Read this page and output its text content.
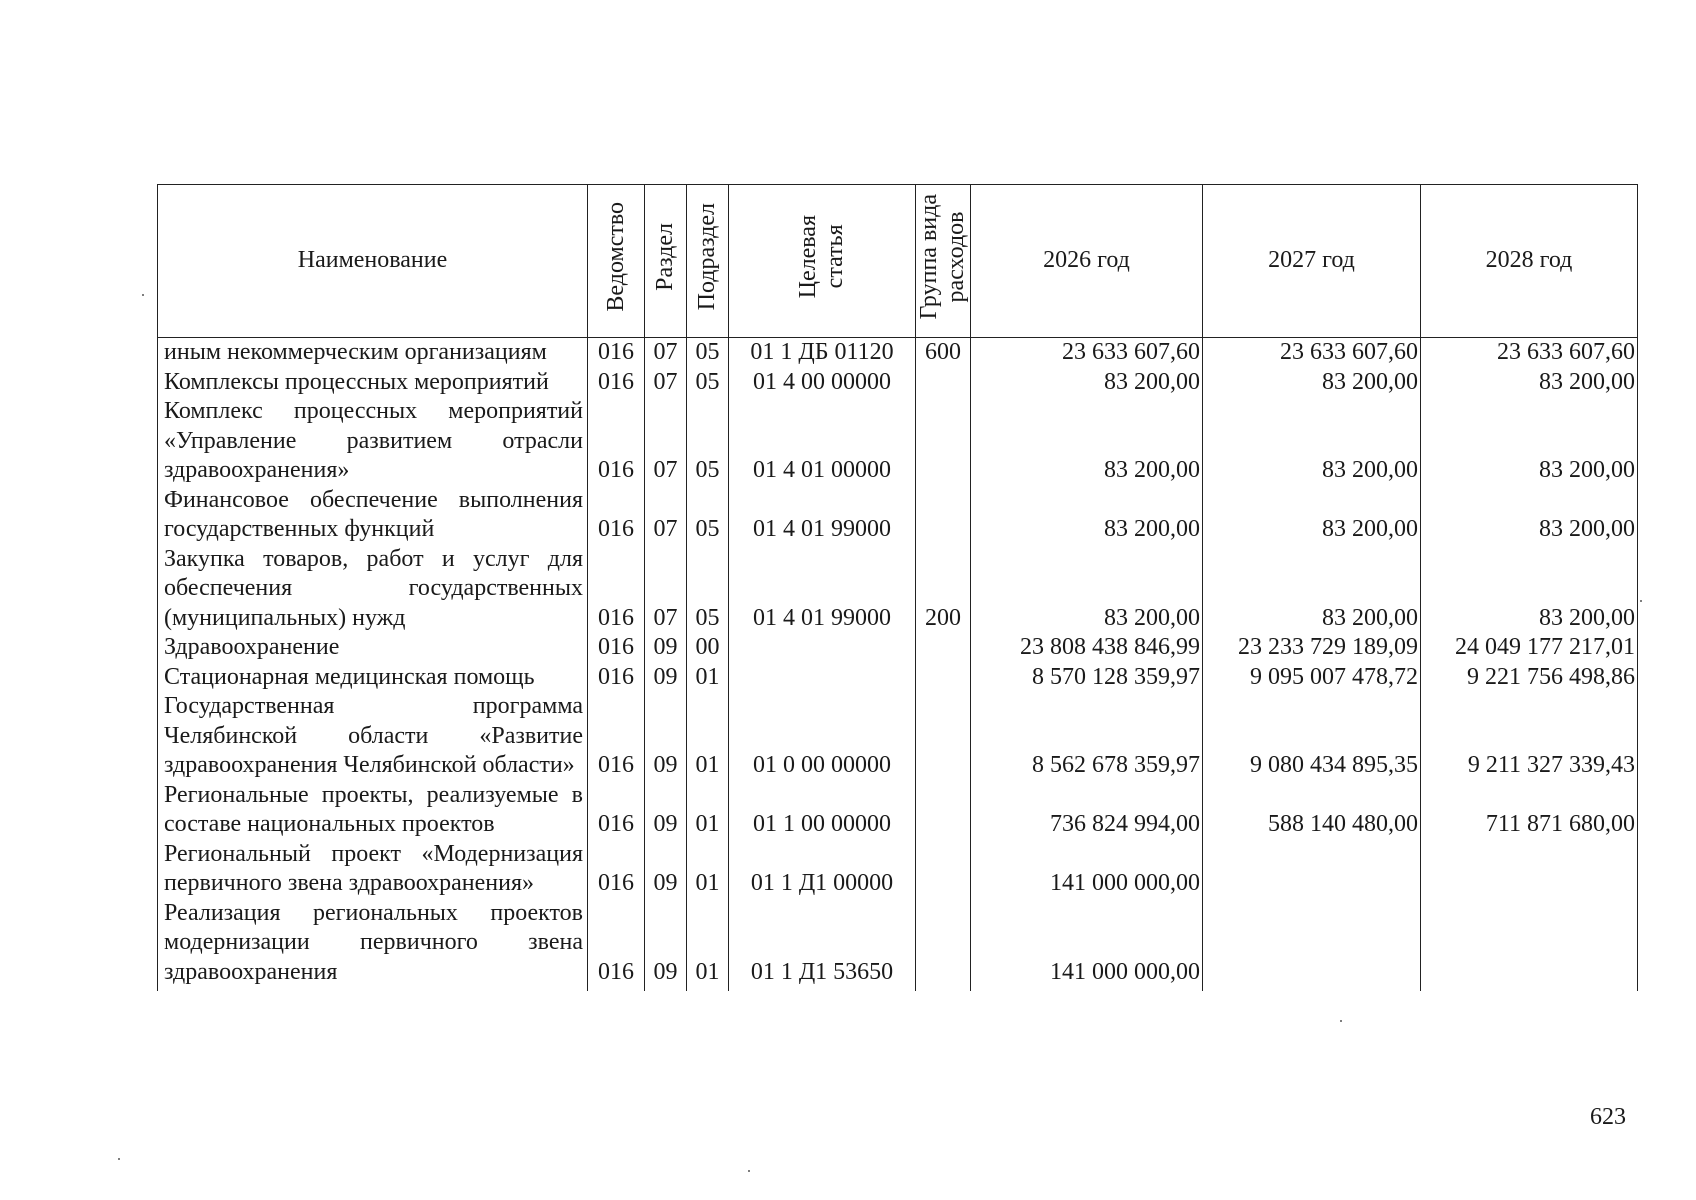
Наименование	Ведомство	Раздел	Подраздел	Целевая
статья	Группа вида
расходов	2026 год	2027 год	2028 год
иным некоммерческим организациям	016	07	05	01 1 ДБ 01120	600	23 633 607,60	23 633 607,60	23 633 607,60
Комплексы процессных мероприятий	016	07	05	01 4 00 00000		83 200,00	83 200,00	83 200,00
Комплекс процессных мероприятий «Управление развитием отрасли здравоохранения»	016	07	05	01 4 01 00000		83 200,00	83 200,00	83 200,00
Финансовое обеспечение выполнения государственных функций	016	07	05	01 4 01 99000		83 200,00	83 200,00	83 200,00
Закупка товаров, работ и услуг для обеспечения государственных (муниципальных) нужд	016	07	05	01 4 01 99000	200	83 200,00	83 200,00	83 200,00
Здравоохранение	016	09	00			23 808 438 846,99	23 233 729 189,09	24 049 177 217,01
Стационарная медицинская помощь	016	09	01			8 570 128 359,97	9 095 007 478,72	9 221 756 498,86
Государственная программа Челябинской области «Развитие здравоохранения Челябинской области»	016	09	01	01 0 00 00000		8 562 678 359,97	9 080 434 895,35	9 211 327 339,43
Региональные проекты, реализуемые в составе национальных проектов	016	09	01	01 1 00 00000		736 824 994,00	588 140 480,00	711 871 680,00
Региональный проект «Модернизация первичного звена здравоохранения»	016	09	01	01 1 Д1 00000		141 000 000,00		
Реализация региональных проектов модернизации первичного звена здравоохранения	016	09	01	01 1 Д1 53650		141 000 000,00		
623
